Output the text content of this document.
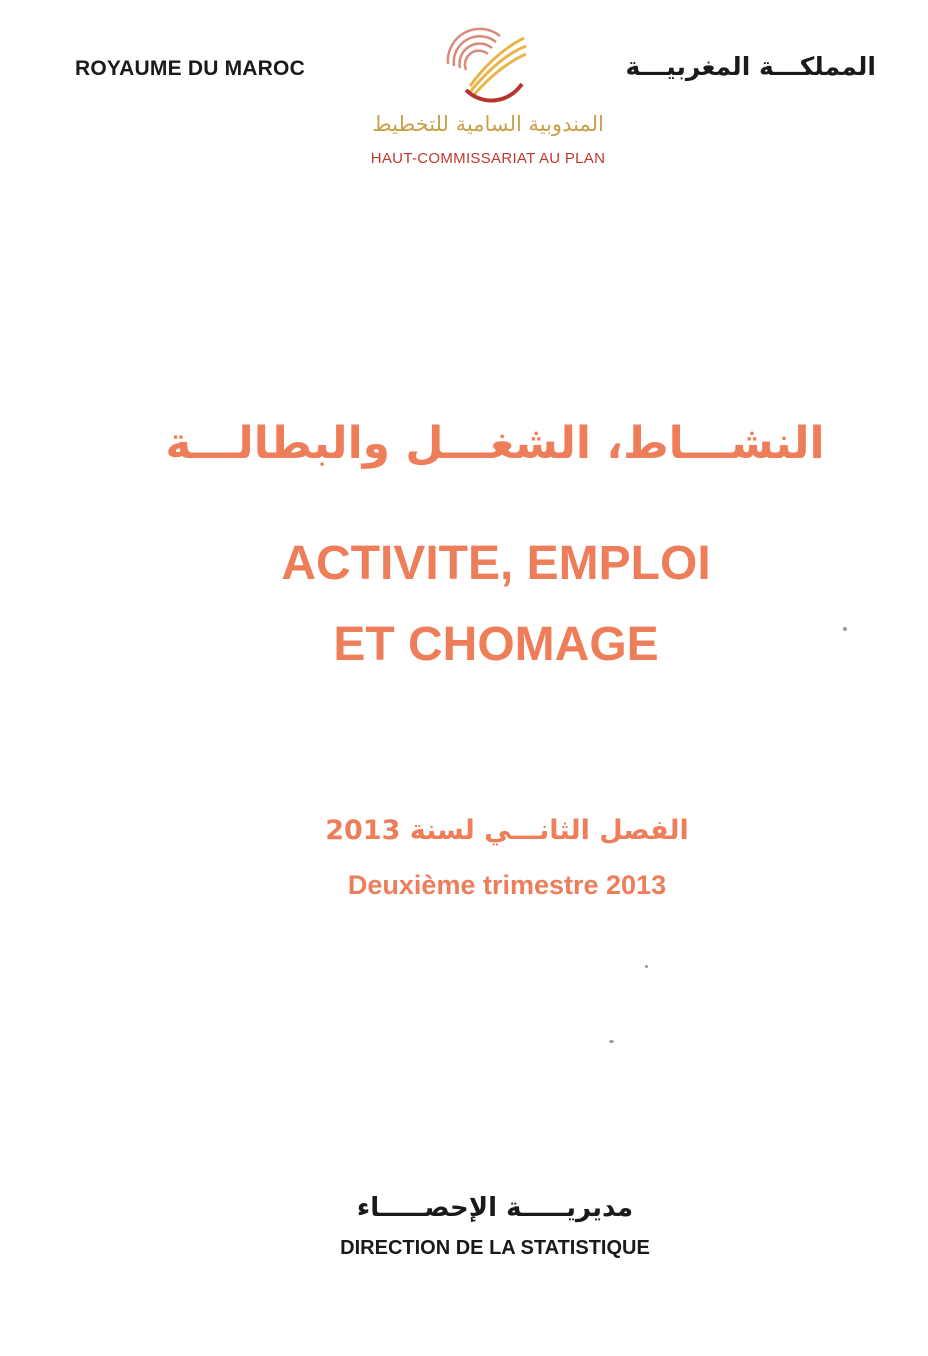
ROYAUME DU MAROC	المملكـــة المغربيـــة
المندوبية السامية للتخطيط
HAUT-COMMISSARIAT AU PLAN
النشـــاط، الشغـــل والبطالـــة
ACTIVITE, EMPLOI
ET CHOMAGE
الفصل الثانـــي لسنة 2013
Deuxième trimestre 2013
مديريـــــة الإحصـــــاء
DIRECTION DE LA STATISTIQUE
